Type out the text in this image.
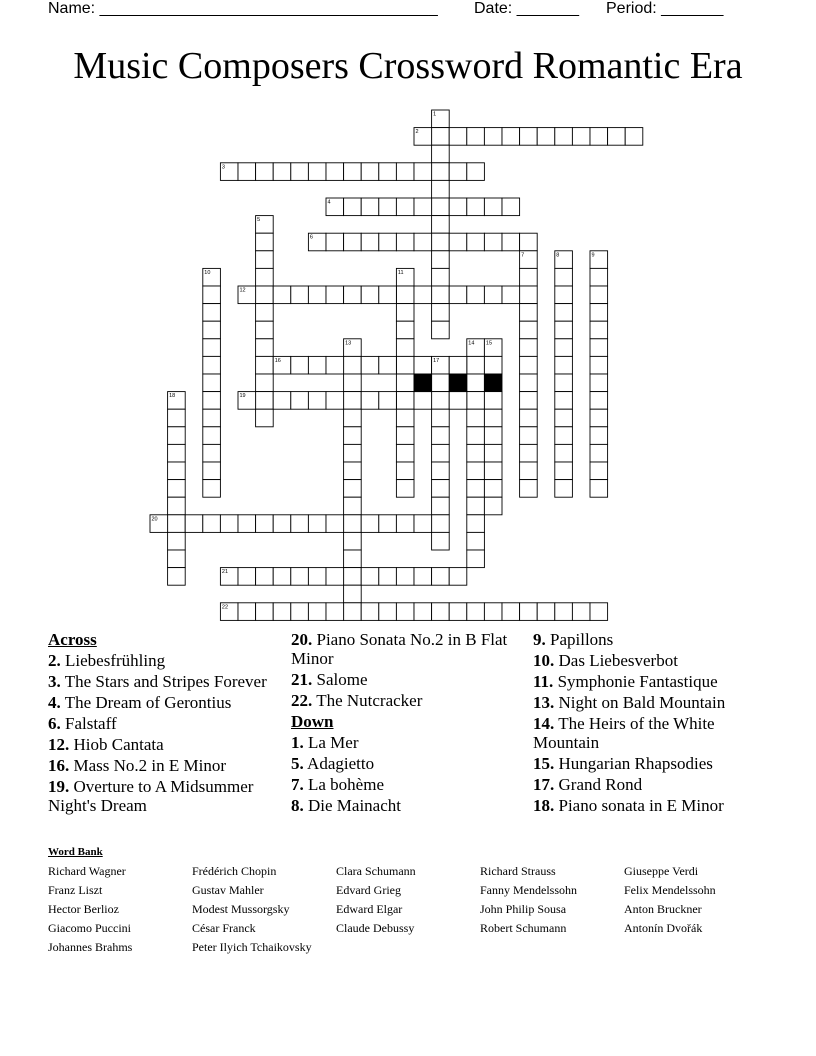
Name: ______________________________________ Date: _______ Period: _______
Music Composers Crossword Romantic Era
1
2
3
4
5
6
7	8	9
10	11
12
13	14 15
16	17
18	19
20
21
22
Across
2. Liebesfrühling
3. The Stars and Stripes Forever
4. The Dream of Gerontius
6. Falstaff
12. Hiob Cantata
16. Mass No.2 in E Minor
19. Overture to A Midsummer Night's Dream
20. Piano Sonata No.2 in B Flat Minor
21. Salome
22. The Nutcracker
Down
1. La Mer
5. Adagietto
7. La bohème
8. Die Mainacht
9. Papillons
10. Das Liebesverbot
11. Symphonie Fantastique
13. Night on Bald Mountain
14. The Heirs of the White Mountain
15. Hungarian Rhapsodies
17. Grand Rond
18. Piano sonata in E Minor
Word Bank
Richard Wagner
Franz Liszt
Hector Berlioz
Giacomo Puccini
Johannes Brahms
Frédérich Chopin
Gustav Mahler
Modest Mussorgsky
César Franck
Peter Ilyich Tchaikovsky
Clara Schumann
Edvard Grieg
Edward Elgar
Claude Debussy
Richard Strauss
Fanny Mendelssohn
John Philip Sousa
Robert Schumann
Giuseppe Verdi
Felix Mendelssohn
Anton Bruckner
Antonín Dvořák
